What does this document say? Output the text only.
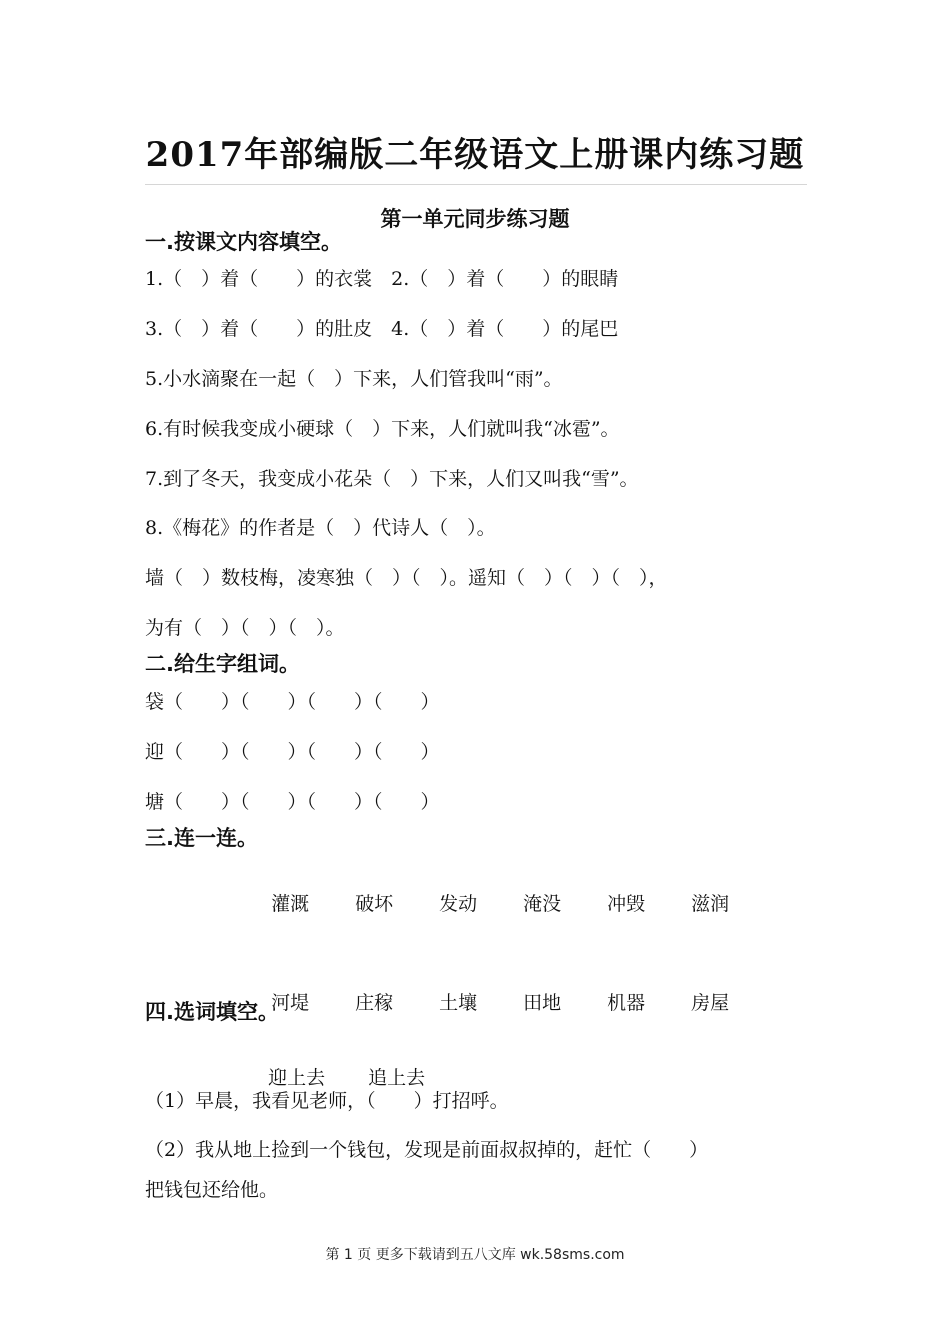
2017年部编版二年级语文上册课内练习题
第一单元同步练习题
一.按课文内容填空。
1.（　）着（　　）的衣裳　2.（　）着（　　）的眼睛
3.（　）着（　　）的肚皮　4.（　）着（　　）的尾巴
5.小水滴聚在一起（　）下来，人们管我叫“雨”。
6.有时候我变成小硬球（　）下来，人们就叫我“冰雹”。
7.到了冬天，我变成小花朵（　）下来，人们又叫我“雪”。
8.《梅花》的作者是（　）代诗人（　）。
墙（　）数枝梅，凌寒独（　）（　）。遥知（　）（　）（　），
为有（　）（　）（　）。
二.给生字组词。
袋（　　）（　　）（　　）（　　）
迎（　　）（　　）（　　）（　　）
塘（　　）（　　）（　　）（　　）
三.连一连。

灌溉 破坏 发动 淹没 冲毁 滋润

河堤 庄稼 土壤 田地 机器 房屋

四.选词填空。

迎上去 追上去

（1）早晨，我看见老师，（　　）打招呼。
（2）我从地上捡到一个钱包，发现是前面叔叔掉的，赶忙（　　）
把钱包还给他。
第 1 页 更多下载请到五八文库 wk.58sms.com
